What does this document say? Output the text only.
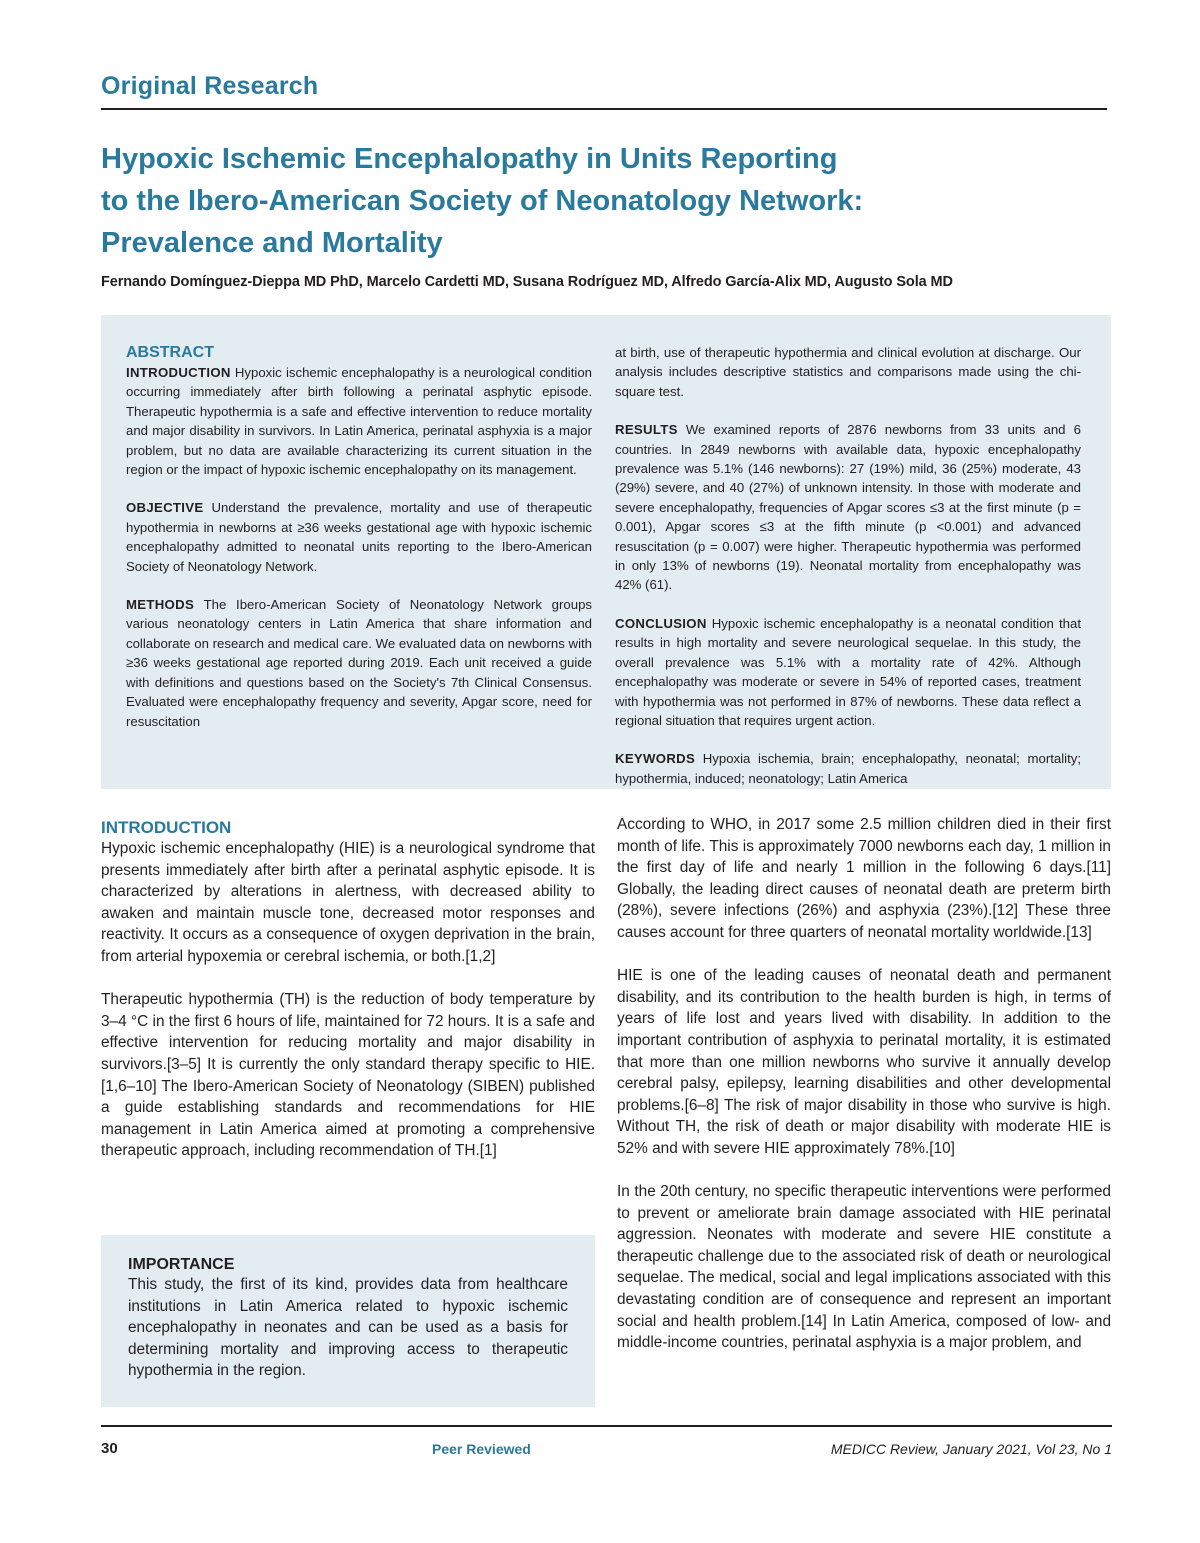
Original Research
Hypoxic Ischemic Encephalopathy in Units Reporting
to the Ibero-American Society of Neonatology Network:
Prevalence and Mortality
Fernando Domínguez-Dieppa MD PhD, Marcelo Cardetti MD, Susana Rodríguez MD, Alfredo García-Alix MD, Augusto Sola MD
ABSTRACT

INTRODUCTION Hypoxic ischemic encephalopathy is a neurological condition occurring immediately after birth following a perinatal asphytic episode. Therapeutic hypothermia is a safe and effective intervention to reduce mortality and major disability in survivors. In Latin America, perinatal asphyxia is a major problem, but no data are available characterizing its current situation in the region or the impact of hypoxic ischemic encephalopathy on its management.

OBJECTIVE Understand the prevalence, mortality and use of therapeutic hypothermia in newborns at ≥36 weeks gestational age with hypoxic ischemic encephalopathy admitted to neonatal units reporting to the Ibero-American Society of Neonatology Network.

METHODS The Ibero-American Society of Neonatology Network groups various neonatology centers in Latin America that share information and collaborate on research and medical care. We evaluated data on newborns with ≥36 weeks gestational age reported during 2019. Each unit received a guide with definitions and questions based on the Society's 7th Clinical Consensus. Evaluated were encephalopathy frequency and severity, Apgar score, need for resuscitation

at birth, use of therapeutic hypothermia and clinical evolution at discharge. Our analysis includes descriptive statistics and comparisons made using the chi-square test.

RESULTS We examined reports of 2876 newborns from 33 units and 6 countries. In 2849 newborns with available data, hypoxic encephalopathy prevalence was 5.1% (146 newborns): 27 (19%) mild, 36 (25%) moderate, 43 (29%) severe, and 40 (27%) of unknown intensity. In those with moderate and severe encephalopathy, frequencies of Apgar scores ≤3 at the first minute (p = 0.001), Apgar scores ≤3 at the fifth minute (p <0.001) and advanced resuscitation (p = 0.007) were higher. Therapeutic hypothermia was performed in only 13% of newborns (19). Neonatal mortality from encephalopathy was 42% (61).

CONCLUSION Hypoxic ischemic encephalopathy is a neonatal condition that results in high mortality and severe neurological sequelae. In this study, the overall prevalence was 5.1% with a mortality rate of 42%. Although encephalopathy was moderate or severe in 54% of reported cases, treatment with hypothermia was not performed in 87% of newborns. These data reflect a regional situation that requires urgent action.

KEYWORDS Hypoxia ischemia, brain; encephalopathy, neonatal; mortality; hypothermia, induced; neonatology; Latin America

INTRODUCTION

Hypoxic ischemic encephalopathy (HIE) is a neurological syndrome that presents immediately after birth after a perinatal asphytic episode. It is characterized by alterations in alertness, with decreased ability to awaken and maintain muscle tone, decreased motor responses and reactivity. It occurs as a consequence of oxygen deprivation in the brain, from arterial hypoxemia or cerebral ischemia, or both.[1,2]

Therapeutic hypothermia (TH) is the reduction of body temperature by 3–4 °C in the first 6 hours of life, maintained for 72 hours. It is a safe and effective intervention for reducing mortality and major disability in survivors.[3–5] It is currently the only standard therapy specific to HIE.[1,6–10] The Ibero-American Society of Neonatology (SIBEN) published a guide establishing standards and recommendations for HIE management in Latin America aimed at promoting a comprehensive therapeutic approach, including recommendation of TH.[1]

IMPORTANCE
This study, the first of its kind, provides data from healthcare institutions in Latin America related to hypoxic ischemic encephalopathy in neonates and can be used as a basis for determining mortality and improving access to therapeutic hypothermia in the region.

According to WHO, in 2017 some 2.5 million children died in their first month of life. This is approximately 7000 newborns each day, 1 million in the first day of life and nearly 1 million in the following 6 days.[11] Globally, the leading direct causes of neonatal death are preterm birth (28%), severe infections (26%) and asphyxia (23%).[12] These three causes account for three quarters of neonatal mortality worldwide.[13]

HIE is one of the leading causes of neonatal death and permanent disability, and its contribution to the health burden is high, in terms of years of life lost and years lived with disability. In addition to the important contribution of asphyxia to perinatal mortality, it is estimated that more than one million newborns who survive it annually develop cerebral palsy, epilepsy, learning disabilities and other developmental problems.[6–8] The risk of major disability in those who survive is high. Without TH, the risk of death or major disability with moderate HIE is 52% and with severe HIE approximately 78%.[10]

In the 20th century, no specific therapeutic interventions were performed to prevent or ameliorate brain damage associated with HIE perinatal aggression. Neonates with moderate and severe HIE constitute a therapeutic challenge due to the associated risk of death or neurological sequelae. The medical, social and legal implications associated with this devastating condition are of consequence and represent an important social and health problem.[14] In Latin America, composed of low- and middle-income countries, perinatal asphyxia is a major problem, and

30	Peer Reviewed	MEDICC Review, January 2021, Vol 23, No 1
